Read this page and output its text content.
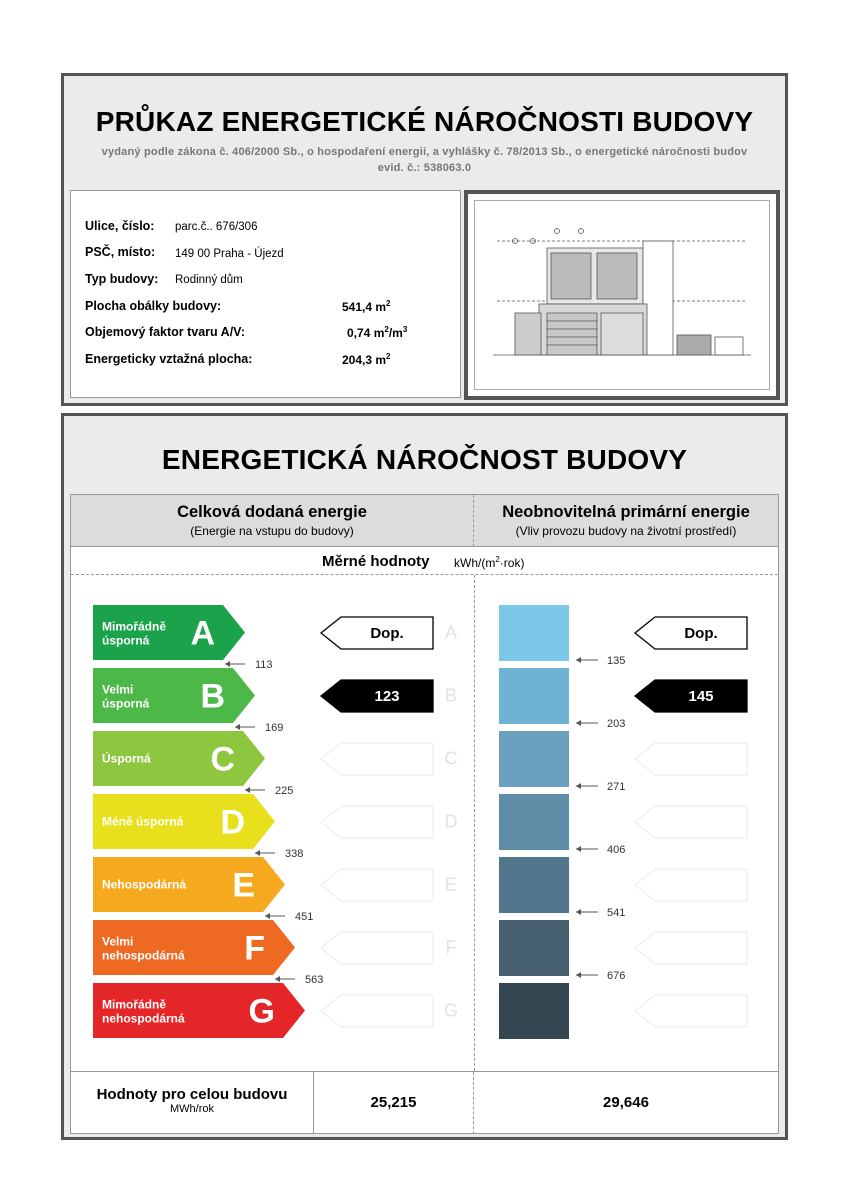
PRŮKAZ ENERGETICKÉ NÁROČNOSTI BUDOVY
vydaný podle zákona č. 406/2000 Sb., o hospodaření energií, a vyhlášky č. 78/2013 Sb., o energetické náročnosti budov
evid. č.: 538063.0
Ulice, číslo: parc.č.. 676/306
PSČ, místo: 149 00 Praha - Újezd
Typ budovy: Rodinný dům
Plocha obálky budovy:	541,4 $m^2$
Objemový faktor tvaru A/V:	0,74 $m^2/m^3$
Energeticky vztažná plocha:	204,3 $m^2$
ENERGETICKÁ NÁROČNOST BUDOVY
Celková dodaná energie
(Energie na vstupu do budovy)
Neobnovitelná primární energie
(Vliv provozu budovy na životní prostředí)
Měrné hodnoty kWh/$(m^2\cdot rok)$
Mimořádně
úsporná A	A
Velmi
úsporná B	B
Úsporná C	C
Méně úsporná D	D
Nehospodárná E	E
Velmi
nehospodárná F	F
Mimořádně
nehospodárná G	G
113
169
225
338
451
563
135
203
271
406
541
676
Dop.	Dop.
123	145
Hodnoty pro celou budovu
MWh/rok	25,215	29,646
